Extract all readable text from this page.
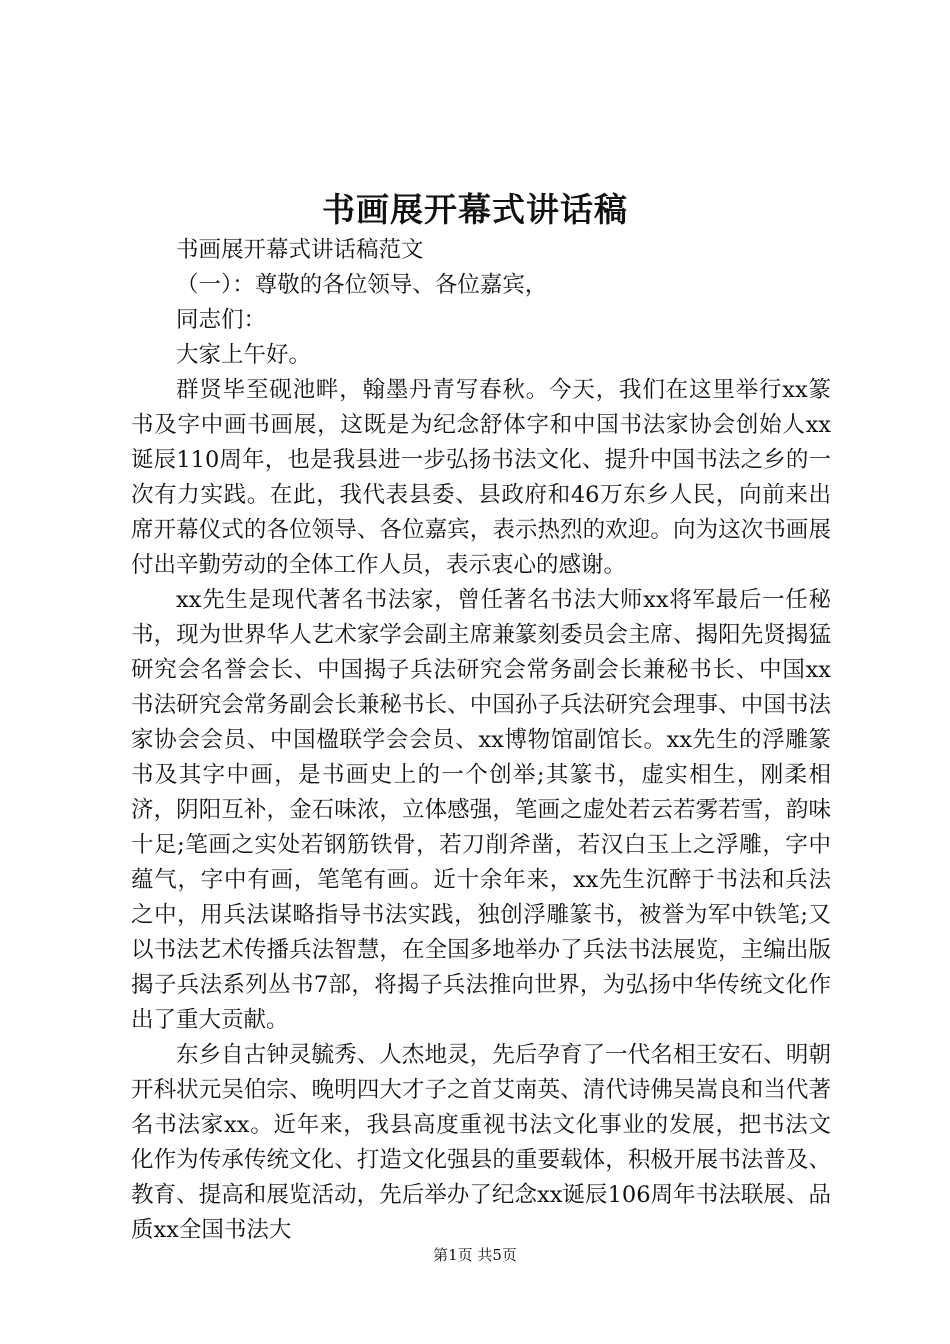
书画展开幕式讲话稿

书画展开幕式讲话稿范文

（一）：尊敬的各位领导、各位嘉宾，

同志们：

大家上午好。

群贤毕至砚池畔，翰墨丹青写春秋。今天，我们在这里举行xx篆书及字中画书画展，这既是为纪念舒体字和中国书法家协会创始人xx诞辰110周年，也是我县进一步弘扬书法文化、提升中国书法之乡的一次有力实践。在此，我代表县委、县政府和46万东乡人民，向前来出席开幕仪式的各位领导、各位嘉宾，表示热烈的欢迎。向为这次书画展付出辛勤劳动的全体工作人员，表示衷心的感谢。

xx先生是现代著名书法家，曾任著名书法大师xx将军最后一任秘书，现为世界华人艺术家学会副主席兼篆刻委员会主席、揭阳先贤揭猛研究会名誉会长、中国揭子兵法研究会常务副会长兼秘书长、中国xx书法研究会常务副会长兼秘书长、中国孙子兵法研究会理事、中国书法家协会会员、中国楹联学会会员、xx博物馆副馆长。xx先生的浮雕篆书及其字中画，是书画史上的一个创举;其篆书，虚实相生，刚柔相济，阴阳互补，金石味浓，立体感强，笔画之虚处若云若雾若雪，韵味十足;笔画之实处若钢筋铁骨，若刀削斧凿，若汉白玉上之浮雕，字中蕴气，字中有画，笔笔有画。近十余年来，xx先生沉醉于书法和兵法之中，用兵法谋略指导书法实践，独创浮雕篆书，被誉为军中铁笔;又以书法艺术传播兵法智慧，在全国多地举办了兵法书法展览，主编出版揭子兵法系列丛书7部，将揭子兵法推向世界，为弘扬中华传统文化作出了重大贡献。

东乡自古钟灵毓秀、人杰地灵，先后孕育了一代名相王安石、明朝开科状元吴伯宗、晚明四大才子之首艾南英、清代诗佛吴嵩良和当代著名书法家xx。近年来，我县高度重视书法文化事业的发展，把书法文化作为传承传统文化、打造文化强县的重要载体，积极开展书法普及、教育、提高和展览活动，先后举办了纪念xx诞辰106周年书法联展、品质xx全国书法大

第1页 共5页
